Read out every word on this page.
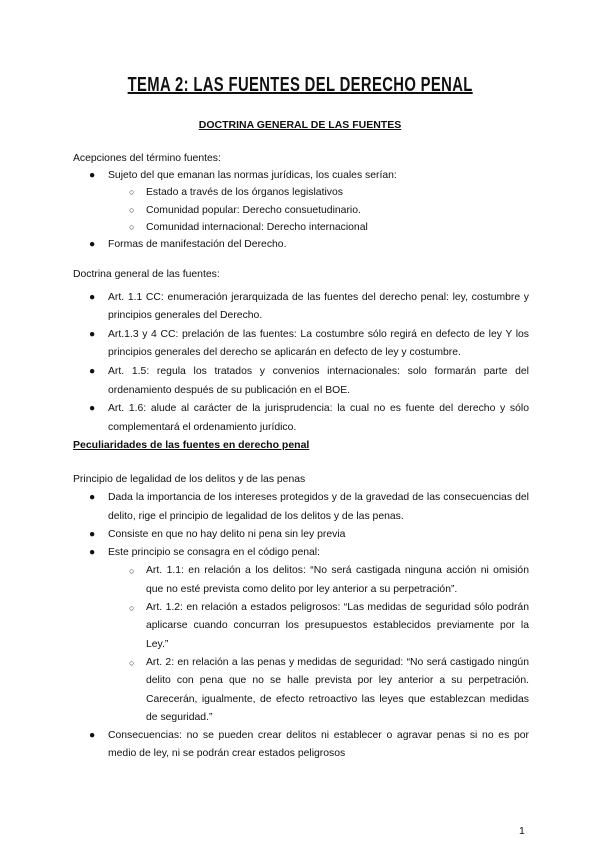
TEMA 2: LAS FUENTES DEL DERECHO PENAL
DOCTRINA GENERAL DE LAS FUENTES

Acepciones del término fuentes:

● Sujeto del que emanan las normas jurídicas, los cuales serían:
○ Estado a través de los órganos legislativos
○ Comunidad popular: Derecho consuetudinario.
○ Comunidad internacional: Derecho internacional
● Formas de manifestación del Derecho.

Doctrina general de las fuentes:

● Art. 1.1 CC: enumeración jerarquizada de las fuentes del derecho penal: ley, costumbre y principios generales del Derecho.
● Art.1.3 y 4 CC: prelación de las fuentes: La costumbre sólo regirá en defecto de ley Y los principios generales del derecho se aplicarán en defecto de ley y costumbre.
● Art. 1.5: regula los tratados y convenios internacionales: solo formarán parte del ordenamiento después de su publicación en el BOE.
● Art. 1.6: alude al carácter de la jurisprudencia: la cual no es fuente del derecho y sólo complementará el ordenamiento jurídico.
Peculiaridades de las fuentes en derecho penal

Principio de legalidad de los delitos y de las penas

● Dada la importancia de los intereses protegidos y de la gravedad de las consecuencias del delito, rige el principio de legalidad de los delitos y de las penas.
● Consiste en que no hay delito ni pena sin ley previa
● Este principio se consagra en el código penal:
○ Art. 1.1: en relación a los delitos: “No será castigada ninguna acción ni omisión que no esté prevista como delito por ley anterior a su perpetración”.
○ Art. 1.2: en relación a estados peligrosos: “Las medidas de seguridad sólo podrán aplicarse cuando concurran los presupuestos establecidos previamente por la Ley.”
○ Art. 2: en relación a las penas y medidas de seguridad: “No será castigado ningún delito con pena que no se halle prevista por ley anterior a su perpetración. Carecerán, igualmente, de efecto retroactivo las leyes que establezcan medidas de seguridad.”
● Consecuencias: no se pueden crear delitos ni establecer o agravar penas si no es por medio de ley, ni se podrán crear estados peligrosos
1
